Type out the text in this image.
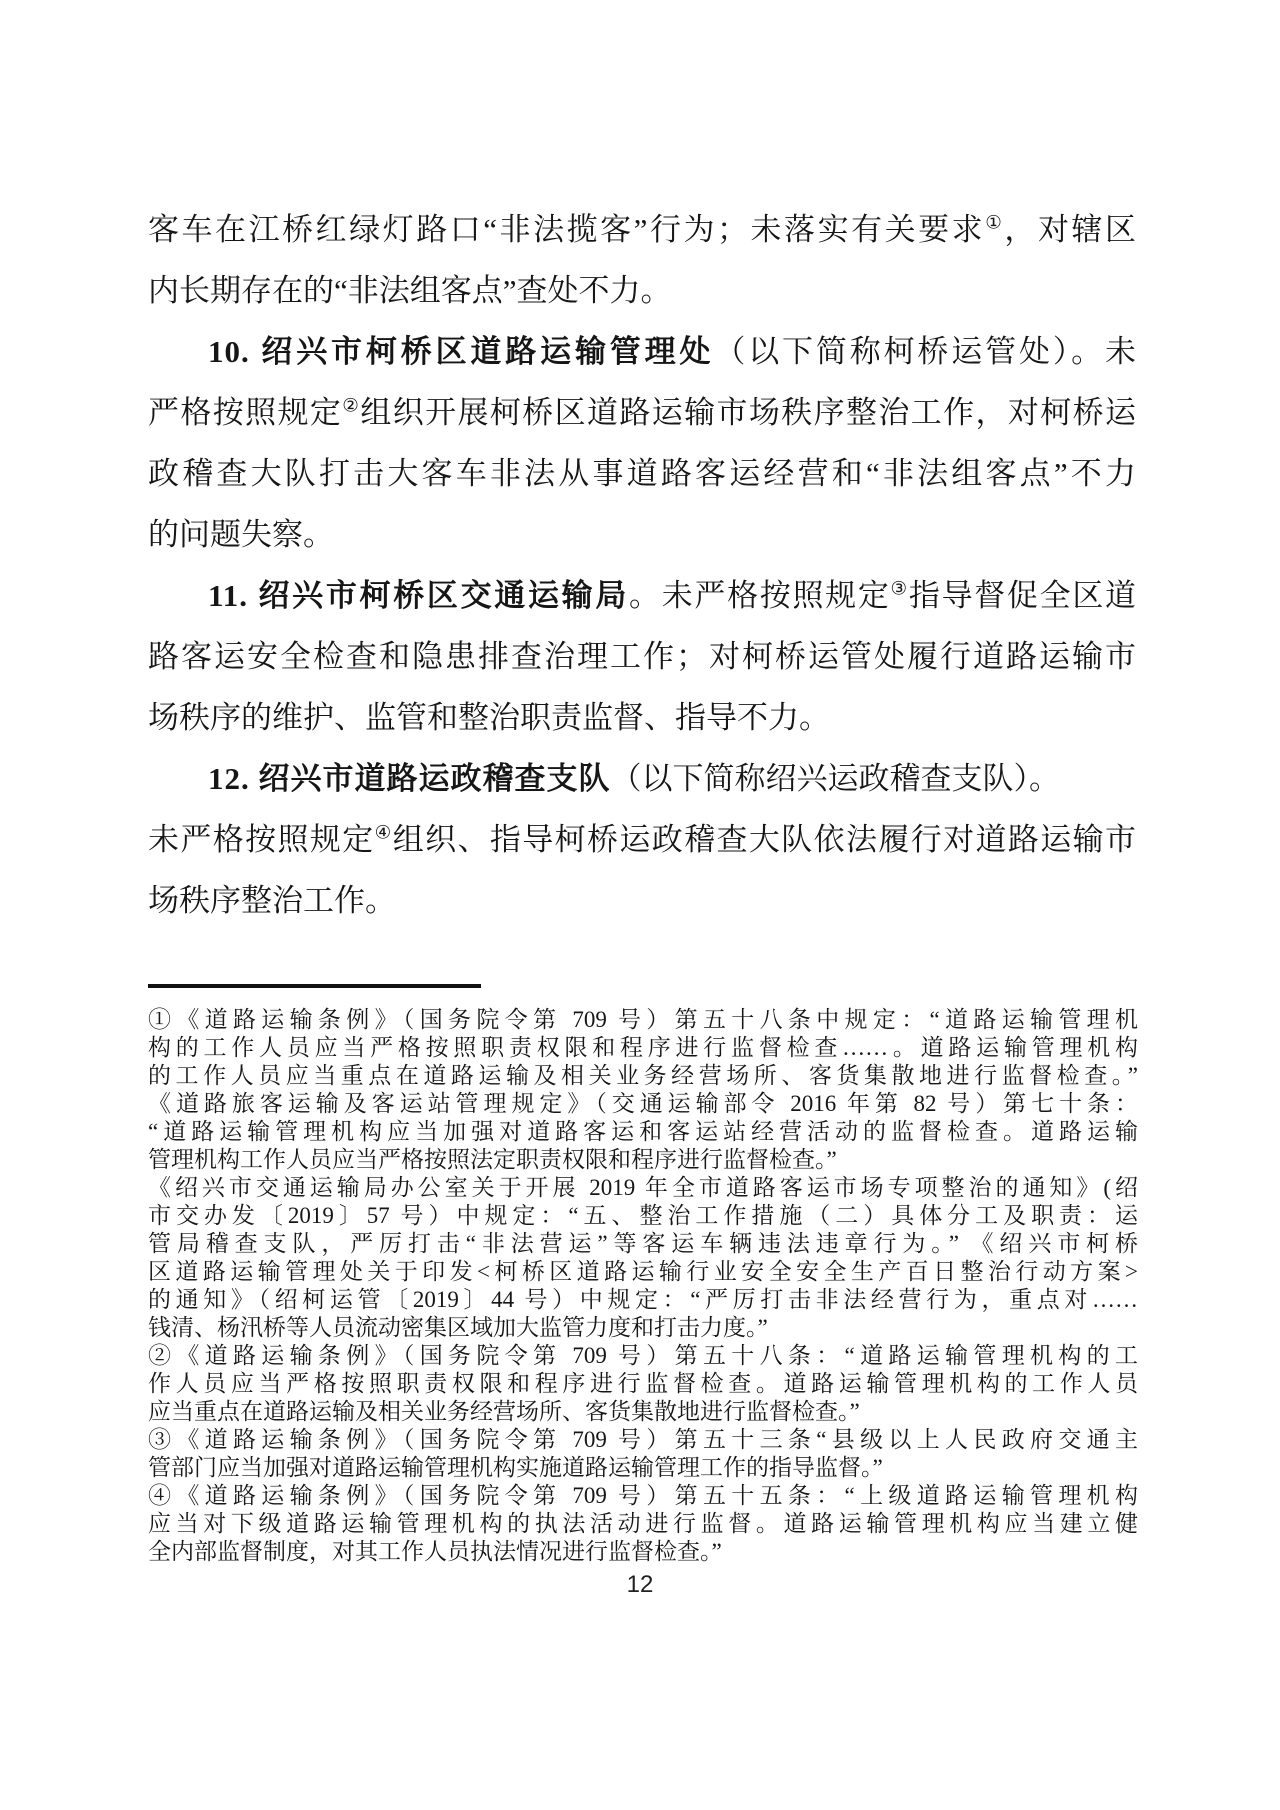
客车在江桥红绿灯路口“非法揽客”行为；未落实有关要求①，对辖区
内长期存在的“非法组客点”查处不力。
10. 绍兴市柯桥区道路运输管理处（以下简称柯桥运管处）。未
严格按照规定②组织开展柯桥区道路运输市场秩序整治工作，对柯桥运
政稽查大队打击大客车非法从事道路客运经营和“非法组客点”不力
的问题失察。
11. 绍兴市柯桥区交通运输局。未严格按照规定③指导督促全区道
路客运安全检查和隐患排查治理工作；对柯桥运管处履行道路运输市
场秩序的维护、监管和整治职责监督、指导不力。
12. 绍兴市道路运政稽查支队（以下简称绍兴运政稽查支队）。
未严格按照规定④组织、指导柯桥运政稽查大队依法履行对道路运输市
场秩序整治工作。
①《道路运输条例》（国务院令第 709 号）第五十八条中规定：“道路运输管理机
构的工作人员应当严格按照职责权限和程序进行监督检查……。道路运输管理机构
的工作人员应当重点在道路运输及相关业务经营场所、客货集散地进行监督检查。”
《道路旅客运输及客运站管理规定》（交通运输部令 2016 年第 82 号）第七十条：
“道路运输管理机构应当加强对道路客运和客运站经营活动的监督检查。道路运输
管理机构工作人员应当严格按照法定职责权限和程序进行监督检查。”
《绍兴市交通运输局办公室关于开展 2019 年全市道路客运市场专项整治的通知》(绍
市交办发〔2019〕57 号）中规定：“五、整治工作措施（二）具体分工及职责：运
管局稽查支队，严厉打击“非法营运”等客运车辆违法违章行为。” 《绍兴市柯桥
区道路运输管理处关于印发<柯桥区道路运输行业安全安全生产百日整治行动方案>
的通知》（绍柯运管〔2019〕44 号）中规定：“严厉打击非法经营行为，重点对……
钱清、杨汛桥等人员流动密集区域加大监管力度和打击力度。”
②《道路运输条例》（国务院令第 709 号）第五十八条：“道路运输管理机构的工
作人员应当严格按照职责权限和程序进行监督检查。道路运输管理机构的工作人员
应当重点在道路运输及相关业务经营场所、客货集散地进行监督检查。”
③《道路运输条例》（国务院令第 709 号）第五十三条“县级以上人民政府交通主
管部门应当加强对道路运输管理机构实施道路运输管理工作的指导监督。”
④《道路运输条例》（国务院令第 709 号）第五十五条：“上级道路运输管理机构
应当对下级道路运输管理机构的执法活动进行监督。道路运输管理机构应当建立健
全内部监督制度，对其工作人员执法情况进行监督检查。”
12
